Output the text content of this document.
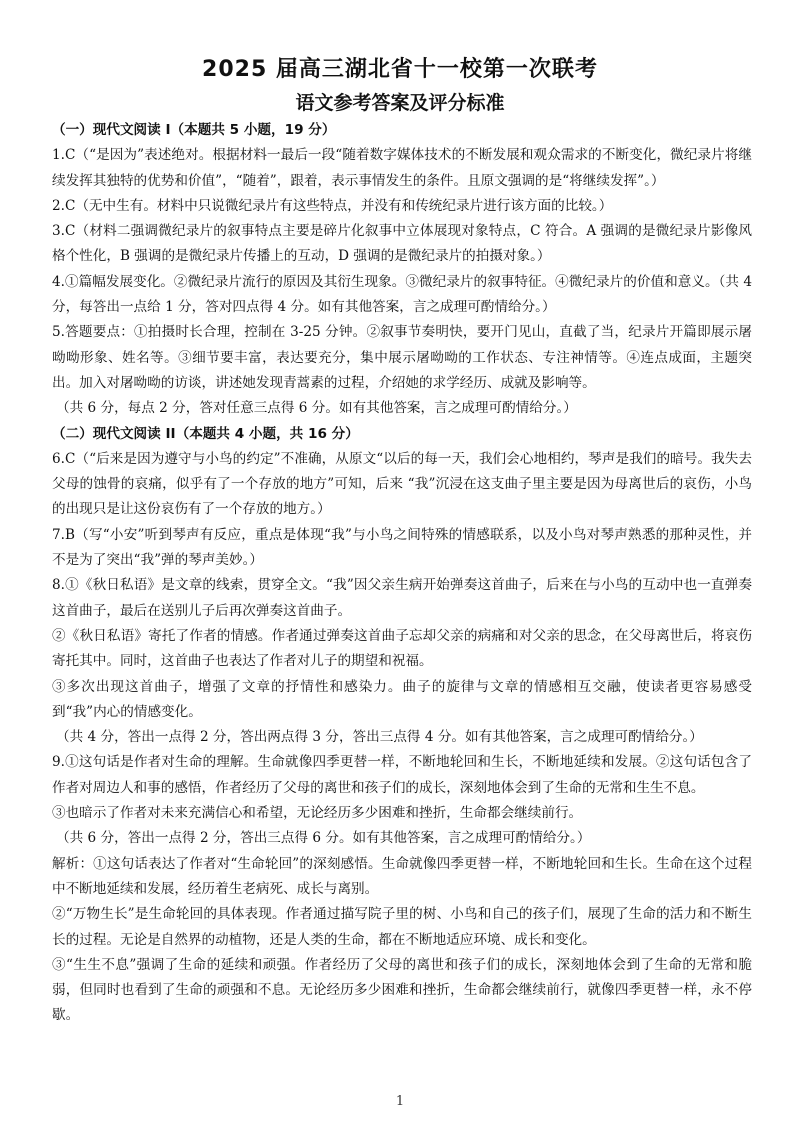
2025 届高三湖北省十一校第一次联考
语文参考答案及评分标准

（一）现代文阅读 I（本题共 5 小题，19 分）

1.C（“是因为”表述绝对。根据材料一最后一段“随着数字媒体技术的不断发展和观众需求的不断变化，微纪录片将继续发挥其独特的优势和价值”，“随着”，跟着，表示事情发生的条件。且原文强调的是“将继续发挥”。）

2.C（无中生有。材料中只说微纪录片有这些特点，并没有和传统纪录片进行该方面的比较。）

3.C（材料二强调微纪录片的叙事特点主要是碎片化叙事中立体展现对象特点，C 符合。A 强调的是微纪录片影像风格个性化，B 强调的是微纪录片传播上的互动，D 强调的是微纪录片的拍摄对象。）

4.①篇幅发展变化。②微纪录片流行的原因及其衍生现象。③微纪录片的叙事特征。④微纪录片的价值和意义。（共 4 分，每答出一点给 1 分，答对四点得 4 分。如有其他答案，言之成理可酌情给分。）

5.答题要点：①拍摄时长合理，控制在 3-25 分钟。②叙事节奏明快，要开门见山，直截了当，纪录片开篇即展示屠呦呦形象、姓名等。③细节要丰富，表达要充分，集中展示屠呦呦的工作状态、专注神情等。④连点成面，主题突出。加入对屠呦呦的访谈，讲述她发现青蒿素的过程，介绍她的求学经历、成就及影响等。

（共 6 分，每点 2 分，答对任意三点得 6 分。如有其他答案，言之成理可酌情给分。）

（二）现代文阅读 II（本题共 4 小题，共 16 分）

6.C（“后来是因为遵守与小鸟的约定”不准确，从原文“以后的每一天，我们会心地相约，琴声是我们的暗号。我失去父母的蚀骨的哀痛，似乎有了一个存放的地方”可知，后来 “我”沉浸在这支曲子里主要是因为母离世后的哀伤，小鸟的出现只是让这份哀伤有了一个存放的地方。）

7.B（写“小安”听到琴声有反应，重点是体现“我”与小鸟之间特殊的情感联系，以及小鸟对琴声熟悉的那种灵性，并不是为了突出“我”弹的琴声美妙。）

8.①《秋日私语》是文章的线索，贯穿全文。“我”因父亲生病开始弹奏这首曲子，后来在与小鸟的互动中也一直弹奏这首曲子，最后在送别儿子后再次弹奏这首曲子。

②《秋日私语》寄托了作者的情感。作者通过弹奏这首曲子忘却父亲的病痛和对父亲的思念，在父母离世后，将哀伤寄托其中。同时，这首曲子也表达了作者对儿子的期望和祝福。

③多次出现这首曲子，增强了文章的抒情性和感染力。曲子的旋律与文章的情感相互交融，使读者更容易感受到“我”内心的情感变化。

（共 4 分，答出一点得 2 分，答出两点得 3 分，答出三点得 4 分。如有其他答案，言之成理可酌情给分。）

9.①这句话是作者对生命的理解。生命就像四季更替一样，不断地轮回和生长，不断地延续和发展。②这句话包含了作者对周边人和事的感悟，作者经历了父母的离世和孩子们的成长，深刻地体会到了生命的无常和生生不息。

③也暗示了作者对未来充满信心和希望，无论经历多少困难和挫折，生命都会继续前行。

（共 6 分，答出一点得 2 分，答出三点得 6 分。如有其他答案，言之成理可酌情给分。）

解析：①这句话表达了作者对“生命轮回”的深刻感悟。生命就像四季更替一样，不断地轮回和生长。生命在这个过程中不断地延续和发展，经历着生老病死、成长与离别。

②“万物生长”是生命轮回的具体表现。作者通过描写院子里的树、小鸟和自己的孩子们，展现了生命的活力和不断生长的过程。无论是自然界的动植物，还是人类的生命，都在不断地适应环境、成长和变化。

③“生生不息”强调了生命的延续和顽强。作者经历了父母的离世和孩子们的成长，深刻地体会到了生命的无常和脆弱，但同时也看到了生命的顽强和不息。无论经历多少困难和挫折，生命都会继续前行，就像四季更替一样，永不停歇。

1
